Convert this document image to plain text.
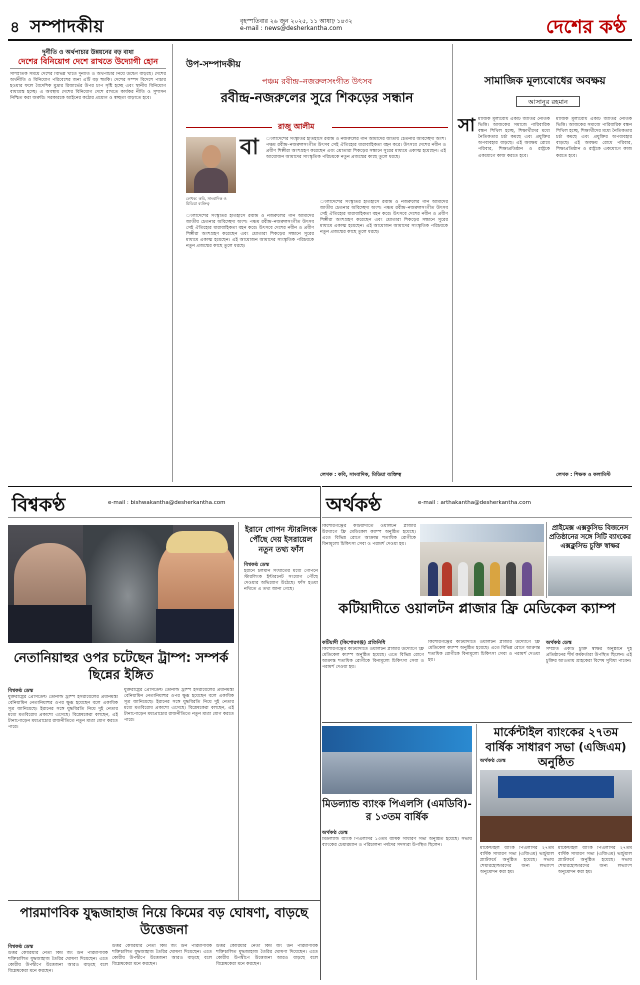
৪ সম্পাদকীয়	বৃহস্পতিবার ২৬ জুন ২০২৫, ১১ আষাঢ় ১৪৩২
e-mail : news@desherkantha.com	দেশের কণ্ঠ
দুর্নীতি ও অর্থপাচার উন্নয়নের বড় বাধা
দেশের বিনিয়োগ দেশে রাখতে উদ্যোগী হোন
সাম্প্রতিক সময়ে দেশের বিভিন্ন খাতে দুর্নীতি ও অর্থপাচার নিয়ে উদ্বেগ বাড়ছে। দেশের অর্থনীতি ও বিনিয়োগ পরিবেশের জন্য এটি বড় হুমকি। দেশের সম্পদ বিদেশে পাচার হওয়ার ফলে বৈদেশিক মুদ্রার রিজার্ভের উপর চাপ সৃষ্টি হচ্ছে এবং স্থানীয় বিনিয়োগ বাধাগ্রস্ত হচ্ছে। এ অবস্থায় দেশের বিনিয়োগ দেশে রাখতে কার্যকর নীতি ও সুশাসন নিশ্চিত করা জরুরি। সরকারকে আইনের কঠোর প্রয়োগ ও স্বচ্ছতা বাড়াতে হবে।
উপ-সম্পাদকীয়
পঞ্চম রবীন্দ্র–নজরুলসংগীত উৎসব
রবীন্দ্র-নজরুলের সুরে শিকড়ের সন্ধান
রাজু আলীম
লেখক: কবি, সাংবাদিক ও মিডিয়া ব্যক্তিত্ব
বা ংলাদেশের সংস্কৃতির ইতিহাসে রবীন্দ্র ও নজরুলের গান আমাদের জাতীয় চেতনার অবিচ্ছেদ্য অংশ। পঞ্চম রবীন্দ্র–নজরুলসংগীত উৎসব সেই ঐতিহ্যের ধারাবাহিকতা বহন করে। উৎসবে দেশের নবীন ও প্রবীণ শিল্পীরা অংশগ্রহণ করেছেন এবং শ্রোতারা শিকড়ের সন্ধানে সুরের মাধ্যমে একাত্ম হয়েছেন। এই আয়োজন আমাদের সাংস্কৃতিক পরিচয়কে নতুন প্রজন্মের কাছে তুলে ধরছে।
ংলাদেশের সংস্কৃতির ইতিহাসে রবীন্দ্র ও নজরুলের গান আমাদের জাতীয় চেতনার অবিচ্ছেদ্য অংশ। পঞ্চম রবীন্দ্র–নজরুলসংগীত উৎসব সেই ঐতিহ্যের ধারাবাহিকতা বহন করে। উৎসবে দেশের নবীন ও প্রবীণ শিল্পীরা অংশগ্রহণ করেছেন এবং শ্রোতারা শিকড়ের সন্ধানে সুরের মাধ্যমে একাত্ম হয়েছেন। এই আয়োজন আমাদের সাংস্কৃতিক পরিচয়কে নতুন প্রজন্মের কাছে তুলে ধরছে।
ংলাদেশের সংস্কৃতির ইতিহাসে রবীন্দ্র ও নজরুলের গান আমাদের জাতীয় চেতনার অবিচ্ছেদ্য অংশ। পঞ্চম রবীন্দ্র–নজরুলসংগীত উৎসব সেই ঐতিহ্যের ধারাবাহিকতা বহন করে। উৎসবে দেশের নবীন ও প্রবীণ শিল্পীরা অংশগ্রহণ করেছেন এবং শ্রোতারা শিকড়ের সন্ধানে সুরের মাধ্যমে একাত্ম হয়েছেন। এই আয়োজন আমাদের সাংস্কৃতিক পরিচয়কে নতুন প্রজন্মের কাছে তুলে ধরছে।
লেখক : কবি, সাংবাদিক, মিডিয়া ব্যক্তিত্ব
সামাজিক মূল্যবোধের অবক্ষয়
আসানুর রহমান
সা মাজিক মূল্যবোধ একটি জাতির নৈতিক ভিত্তি। আজকের সমাজে পারিবারিক বন্ধন শিথিল হচ্ছে, শিক্ষার্থীদের মধ্যে নৈতিকতার চর্চা কমছে এবং প্রযুক্তির অপব্যবহার বাড়ছে। এই অবক্ষয় রোধে পরিবার, শিক্ষাপ্রতিষ্ঠান ও রাষ্ট্রকে একযোগে কাজ করতে হবে।
মাজিক মূল্যবোধ একটি জাতির নৈতিক ভিত্তি। আজকের সমাজে পারিবারিক বন্ধন শিথিল হচ্ছে, শিক্ষার্থীদের মধ্যে নৈতিকতার চর্চা কমছে এবং প্রযুক্তির অপব্যবহার বাড়ছে। এই অবক্ষয় রোধে পরিবার, শিক্ষাপ্রতিষ্ঠান ও রাষ্ট্রকে একযোগে কাজ করতে হবে।
লেখক : শিক্ষক ও কলামিস্ট
বিশ্বকণ্ঠ	e-mail : bishwakantha@desherkantha.com	অর্থকণ্ঠ	e-mail : arthakantha@desherkantha.com
নেতানিয়াহুর ওপর চটেছেন ট্রাম্প: সম্পর্ক ছিন্নের ইঙ্গিত
বিশ্বকণ্ঠ ডেস্ক
যুক্তরাষ্ট্রের প্রেসিডেন্ট ডোনাল্ড ট্রাম্প ইসরায়েলের প্রধানমন্ত্রী বেনিয়ামিন নেতানিয়াহুর ওপর ক্ষুব্ধ হয়েছেন বলে একাধিক সূত্র জানিয়েছে। ইরানের সঙ্গে যুদ্ধবিরতি নিয়ে দুই নেতার মধ্যে মতবিরোধ প্রকাশ্যে এসেছে। বিশ্লেষকেরা বলছেন, এই টানাপোড়েন মধ্যপ্রাচ্যের রাজনীতিতে নতুন মাত্রা যোগ করতে পারে।
যুক্তরাষ্ট্রের প্রেসিডেন্ট ডোনাল্ড ট্রাম্প ইসরায়েলের প্রধানমন্ত্রী বেনিয়ামিন নেতানিয়াহুর ওপর ক্ষুব্ধ হয়েছেন বলে একাধিক সূত্র জানিয়েছে। ইরানের সঙ্গে যুদ্ধবিরতি নিয়ে দুই নেতার মধ্যে মতবিরোধ প্রকাশ্যে এসেছে। বিশ্লেষকেরা বলছেন, এই টানাপোড়েন মধ্যপ্রাচ্যের রাজনীতিতে নতুন মাত্রা যোগ করতে পারে।
ইরানে গোপন স্টারলিংক পৌঁছে দেয় ইসরায়েল নতুন তথ্য ফাঁস
বিশ্বকণ্ঠ ডেস্ক
ইরানে চলমান সংঘাতের মধ্যে গোপনে স্টারলিংক ইন্টারনেট সংযোগ পৌঁছে দেওয়ার অভিযোগ উঠেছে। ফাঁস হওয়া নথিতে এ তথ্য জানা গেছে।
পারমাণবিক যুদ্ধজাহাজ নিয়ে কিমের বড় ঘোষণা, বাড়ছে উত্তেজনা
বিশ্বকণ্ঠ ডেস্ক
উত্তর কোরিয়ার নেতা কিম জং উন পারমাণবিক শক্তিচালিত যুদ্ধজাহাজ তৈরির ঘোষণা দিয়েছেন। এতে কোরীয় উপদ্বীপে উত্তেজনা আরও বাড়ছে বলে বিশ্লেষকেরা মনে করছেন।
উত্তর কোরিয়ার নেতা কিম জং উন পারমাণবিক শক্তিচালিত যুদ্ধজাহাজ তৈরির ঘোষণা দিয়েছেন। এতে কোরীয় উপদ্বীপে উত্তেজনা আরও বাড়ছে বলে বিশ্লেষকেরা মনে করছেন।
উত্তর কোরিয়ার নেতা কিম জং উন পারমাণবিক শক্তিচালিত যুদ্ধজাহাজ তৈরির ঘোষণা দিয়েছেন। এতে কোরীয় উপদ্বীপে উত্তেজনা আরও বাড়ছে বলে বিশ্লেষকেরা মনে করছেন।
কিশোরগঞ্জের কটিয়াদীতে ওয়ালটন প্লাজার উদ্যোগে ফ্রি মেডিকেল ক্যাম্প অনুষ্ঠিত হয়েছে। এতে বিভিন্ন রোগে আক্রান্ত শতাধিক রোগীকে বিনামূল্যে চিকিৎসা সেবা ও পরামর্শ দেওয়া হয়।
কটিয়াদীতে ওয়ালটন প্লাজার ফ্রি মেডিকেল ক্যাম্প
কটিয়াদী (কিশোরগঞ্জ) প্রতিনিধি
কিশোরগঞ্জের কটিয়াদীতে ওয়ালটন প্লাজার উদ্যোগে ফ্রি মেডিকেল ক্যাম্প অনুষ্ঠিত হয়েছে। এতে বিভিন্ন রোগে আক্রান্ত শতাধিক রোগীকে বিনামূল্যে চিকিৎসা সেবা ও পরামর্শ দেওয়া হয়।
কিশোরগঞ্জের কটিয়াদীতে ওয়ালটন প্লাজার উদ্যোগে ফ্রি মেডিকেল ক্যাম্প অনুষ্ঠিত হয়েছে। এতে বিভিন্ন রোগে আক্রান্ত শতাধিক রোগীকে বিনামূল্যে চিকিৎসা সেবা ও পরামর্শ দেওয়া হয়।
প্রাইমেক্স এক্সকুসিভ বিজনেস প্রতিষ্ঠানের সঙ্গে সিটি ব্যাংকের এক্সক্লুসিভ চুক্তি স্বাক্ষর
অর্থকণ্ঠ ডেস্ক
সম্প্রতি একটি চুক্তি স্বাক্ষর অনুষ্ঠানে দুই প্রতিষ্ঠানের শীর্ষ কর্মকর্তারা উপস্থিত ছিলেন। এই চুক্তির আওতায় গ্রাহকেরা বিশেষ সুবিধা পাবেন।
মিডল্যান্ড ব্যাংক পিএলসি (এমডিবি)-র ১৩তম বার্ষিক
অর্থকণ্ঠ ডেস্ক
মিডল্যান্ড ব্যাংক পিএলসির ১৩তম বার্ষিক সাধারণ সভা অনুষ্ঠিত হয়েছে। সভায় ব্যাংকের চেয়ারম্যান ও পরিচালনা পর্ষদের সদস্যরা উপস্থিত ছিলেন।
মার্কেন্টাইল ব্যাংকের ২৭তম বার্ষিক সাধারণ সভা (এজিএম) অনুষ্ঠিত
অর্থকণ্ঠ ডেস্ক
মার্কেন্টাইল ব্যাংক পিএলসির ২৭তম বার্ষিক সাধারণ সভা (এজিএম) ভার্চুয়াল প্ল্যাটফর্মে অনুষ্ঠিত হয়েছে। সভায় শেয়ারহোল্ডারদের জন্য লভ্যাংশ অনুমোদন করা হয়।
মার্কেন্টাইল ব্যাংক পিএলসির ২৭তম বার্ষিক সাধারণ সভা (এজিএম) ভার্চুয়াল প্ল্যাটফর্মে অনুষ্ঠিত হয়েছে। সভায় শেয়ারহোল্ডারদের জন্য লভ্যাংশ অনুমোদন করা হয়।
